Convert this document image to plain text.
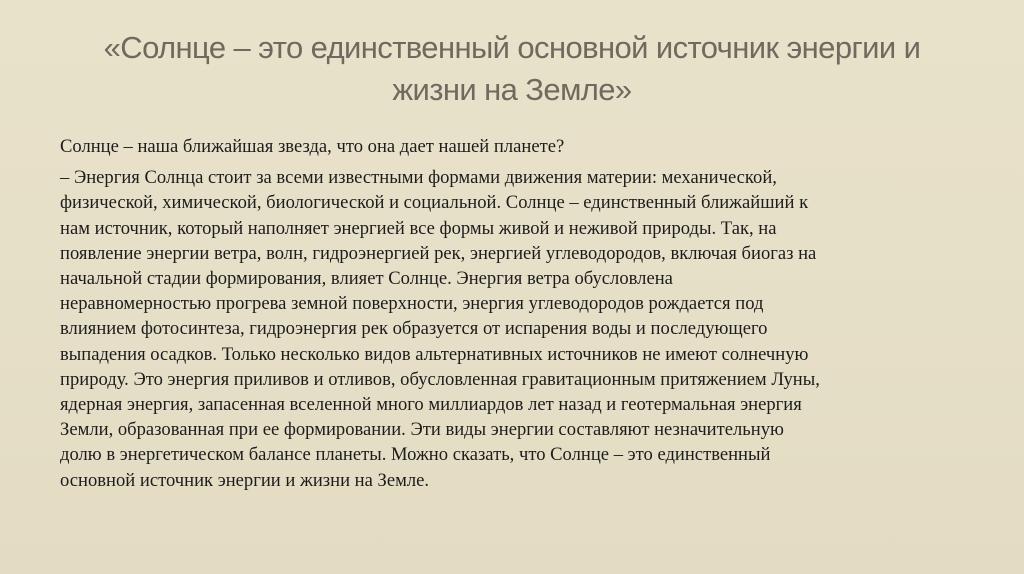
«Солнце – это единственный основной источник энергии и
жизни на Земле»

Солнце – наша ближайшая звезда, что она дает нашей планете?

– Энергия Солнца стоит за всеми известными формами движения материи: механической,
физической, химической, биологической и социальной. Солнце – единственный ближайший к
нам источник, который наполняет энергией все формы живой и неживой природы. Так, на
появление энергии ветра, волн, гидроэнергией рек, энергией углеводородов, включая биогаз на
начальной стадии формирования, влияет Солнце. Энергия ветра обусловлена
неравномерностью прогрева земной поверхности, энергия углеводородов рождается под
влиянием фотосинтеза, гидроэнергия рек образуется от испарения воды и последующего
выпадения осадков. Только несколько видов альтернативных источников не имеют солнечную
природу. Это энергия приливов и отливов, обусловленная гравитационным притяжением Луны,
ядерная энергия, запасенная вселенной много миллиардов лет назад и геотермальная энергия
Земли, образованная при ее формировании. Эти виды энергии составляют незначительную
долю в энергетическом балансе планеты. Можно сказать, что Солнце – это единственный
основной источник энергии и жизни на Земле.
